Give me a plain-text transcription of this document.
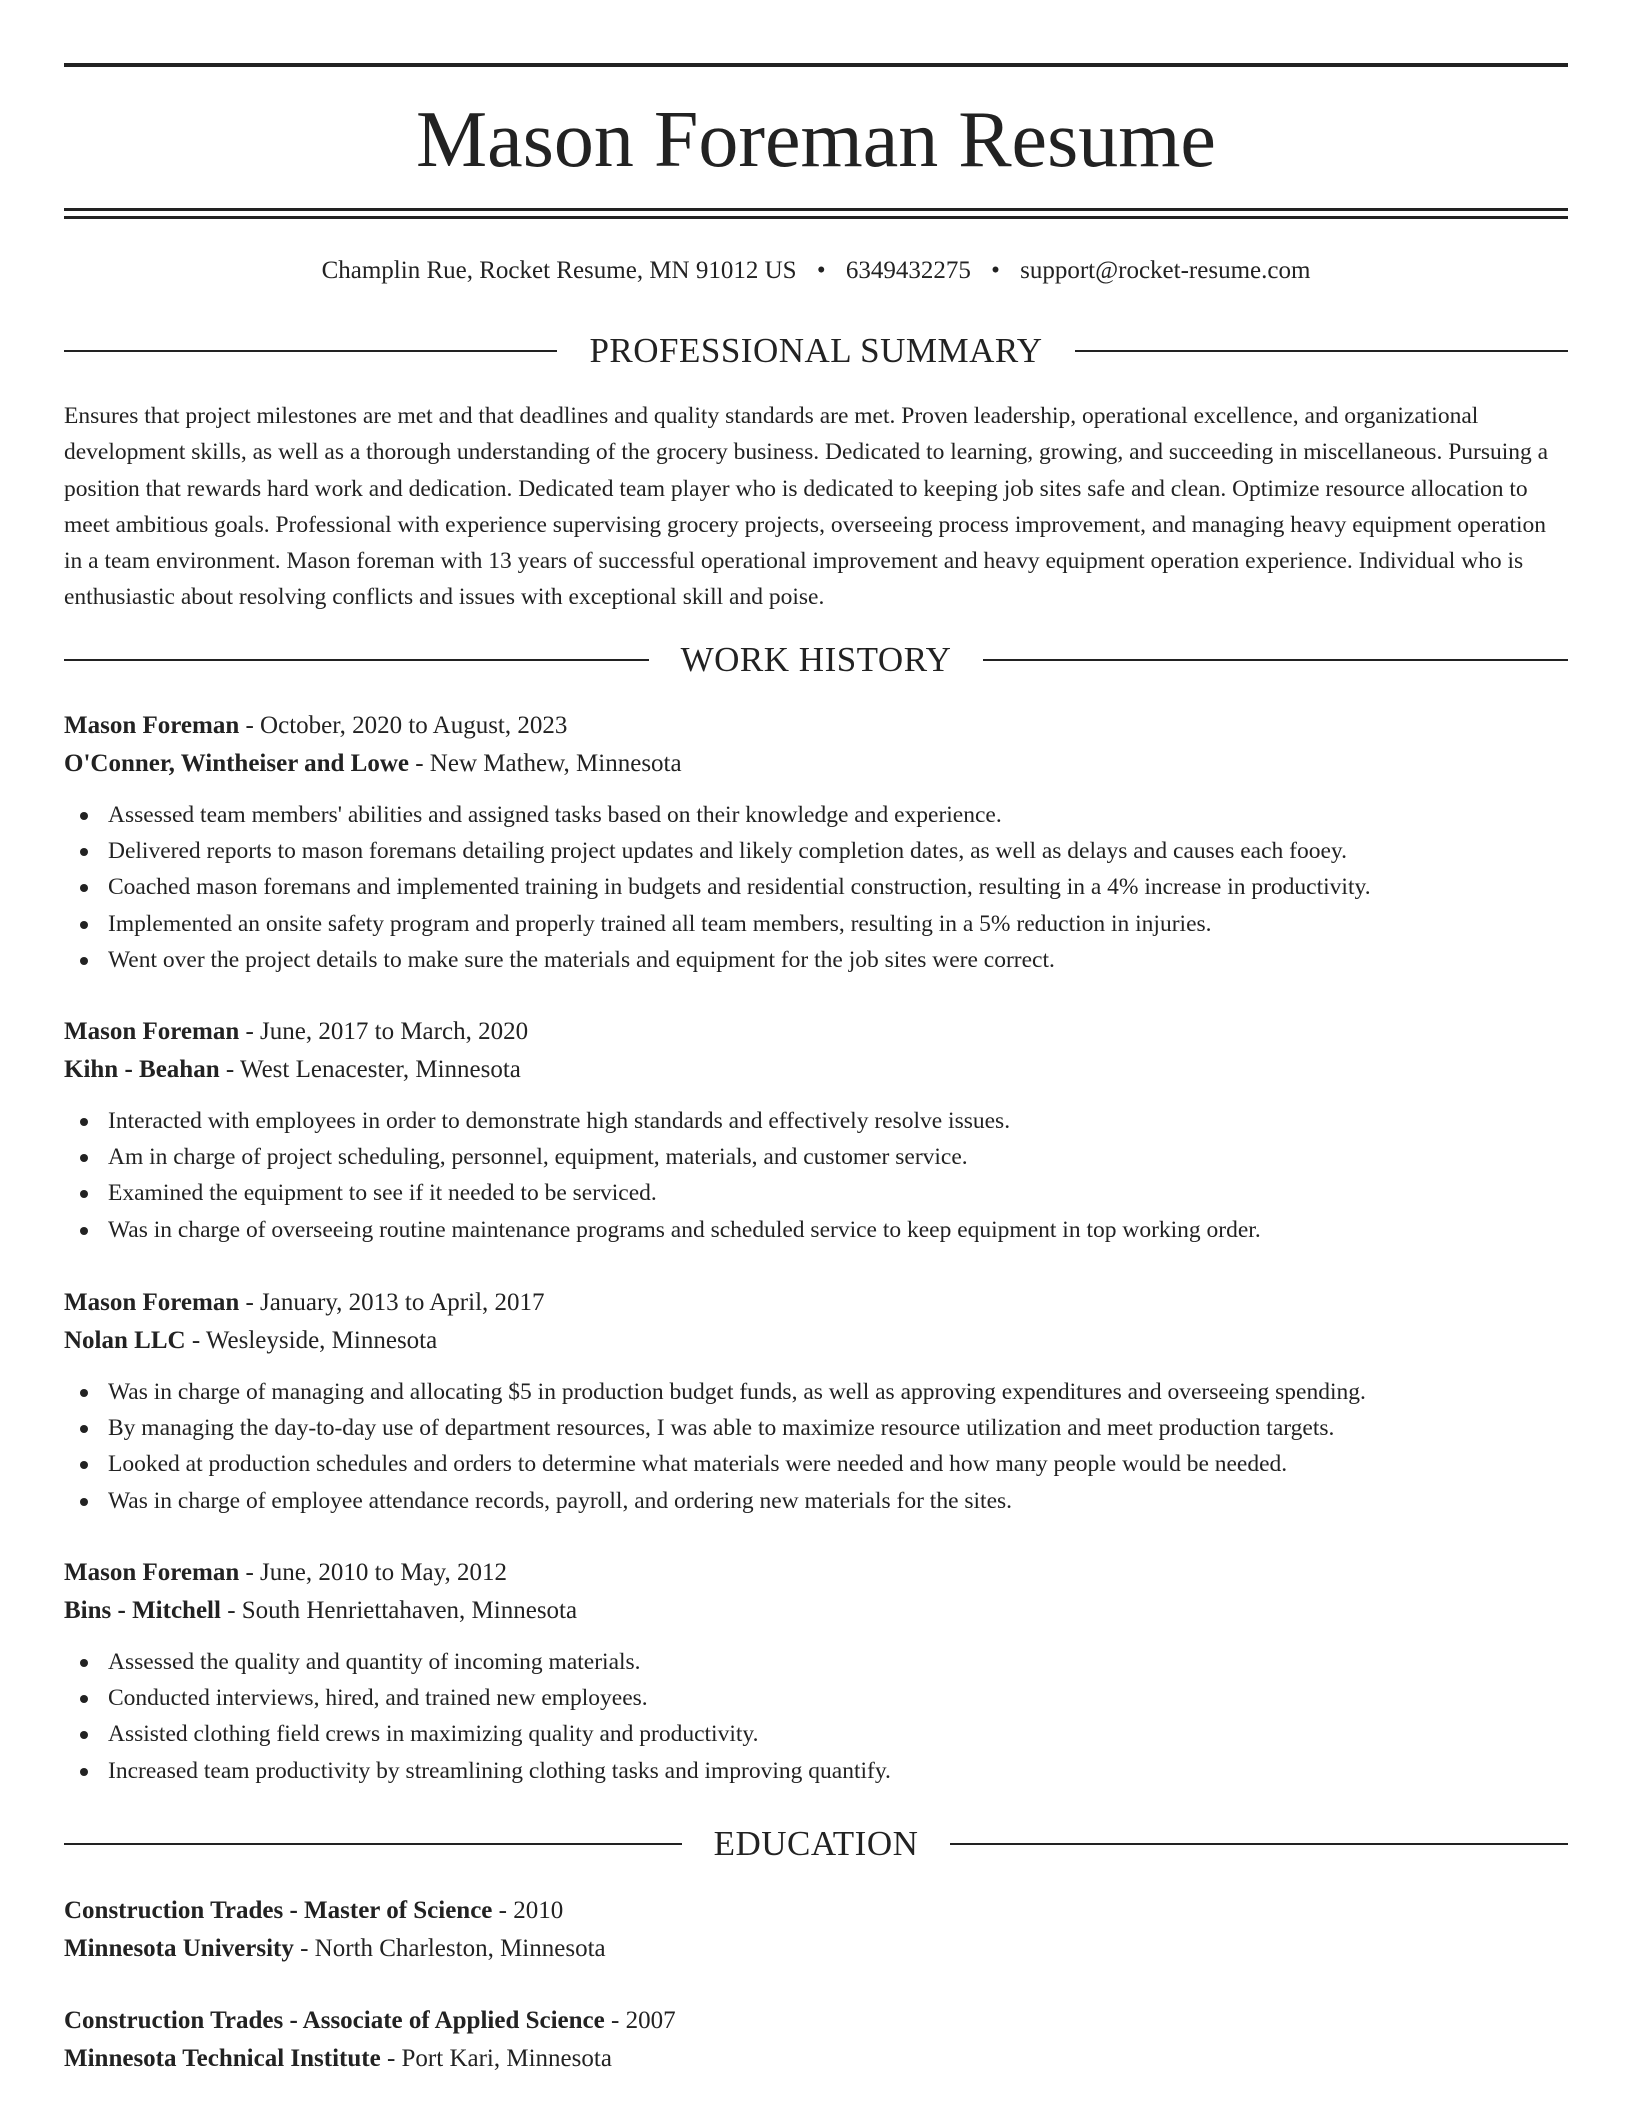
Mason Foreman Resume
Champlin Rue, Rocket Resume, MN 91012 US • 6349432275 • support@rocket-resume.com
PROFESSIONAL SUMMARY

Ensures that project milestones are met and that deadlines and quality standards are met. Proven leadership, operational excellence, and organizational development skills, as well as a thorough understanding of the grocery business. Dedicated to learning, growing, and succeeding in miscellaneous. Pursuing a position that rewards hard work and dedication. Dedicated team player who is dedicated to keeping job sites safe and clean. Optimize resource allocation to meet ambitious goals. Professional with experience supervising grocery projects, overseeing process improvement, and managing heavy equipment operation in a team environment. Mason foreman with 13 years of successful operational improvement and heavy equipment operation experience. Individual who is enthusiastic about resolving conflicts and issues with exceptional skill and poise.

WORK HISTORY
Mason Foreman - October, 2020 to August, 2023
O'Conner, Wintheiser and Lowe - New Mathew, Minnesota
Assessed team members' abilities and assigned tasks based on their knowledge and experience.
Delivered reports to mason foremans detailing project updates and likely completion dates, as well as delays and causes each fooey.
Coached mason foremans and implemented training in budgets and residential construction, resulting in a 4% increase in productivity.
Implemented an onsite safety program and properly trained all team members, resulting in a 5% reduction in injuries.
Went over the project details to make sure the materials and equipment for the job sites were correct.
Mason Foreman - June, 2017 to March, 2020
Kihn - Beahan - West Lenacester, Minnesota
Interacted with employees in order to demonstrate high standards and effectively resolve issues.
Am in charge of project scheduling, personnel, equipment, materials, and customer service.
Examined the equipment to see if it needed to be serviced.
Was in charge of overseeing routine maintenance programs and scheduled service to keep equipment in top working order.
Mason Foreman - January, 2013 to April, 2017
Nolan LLC - Wesleyside, Minnesota
Was in charge of managing and allocating $5 in production budget funds, as well as approving expenditures and overseeing spending.
By managing the day-to-day use of department resources, I was able to maximize resource utilization and meet production targets.
Looked at production schedules and orders to determine what materials were needed and how many people would be needed.
Was in charge of employee attendance records, payroll, and ordering new materials for the sites.
Mason Foreman - June, 2010 to May, 2012
Bins - Mitchell - South Henriettahaven, Minnesota
Assessed the quality and quantity of incoming materials.
Conducted interviews, hired, and trained new employees.
Assisted clothing field crews in maximizing quality and productivity.
Increased team productivity by streamlining clothing tasks and improving quantify.
EDUCATION
Construction Trades - Master of Science - 2010
Minnesota University - North Charleston, Minnesota
Construction Trades - Associate of Applied Science - 2007
Minnesota Technical Institute - Port Kari, Minnesota
